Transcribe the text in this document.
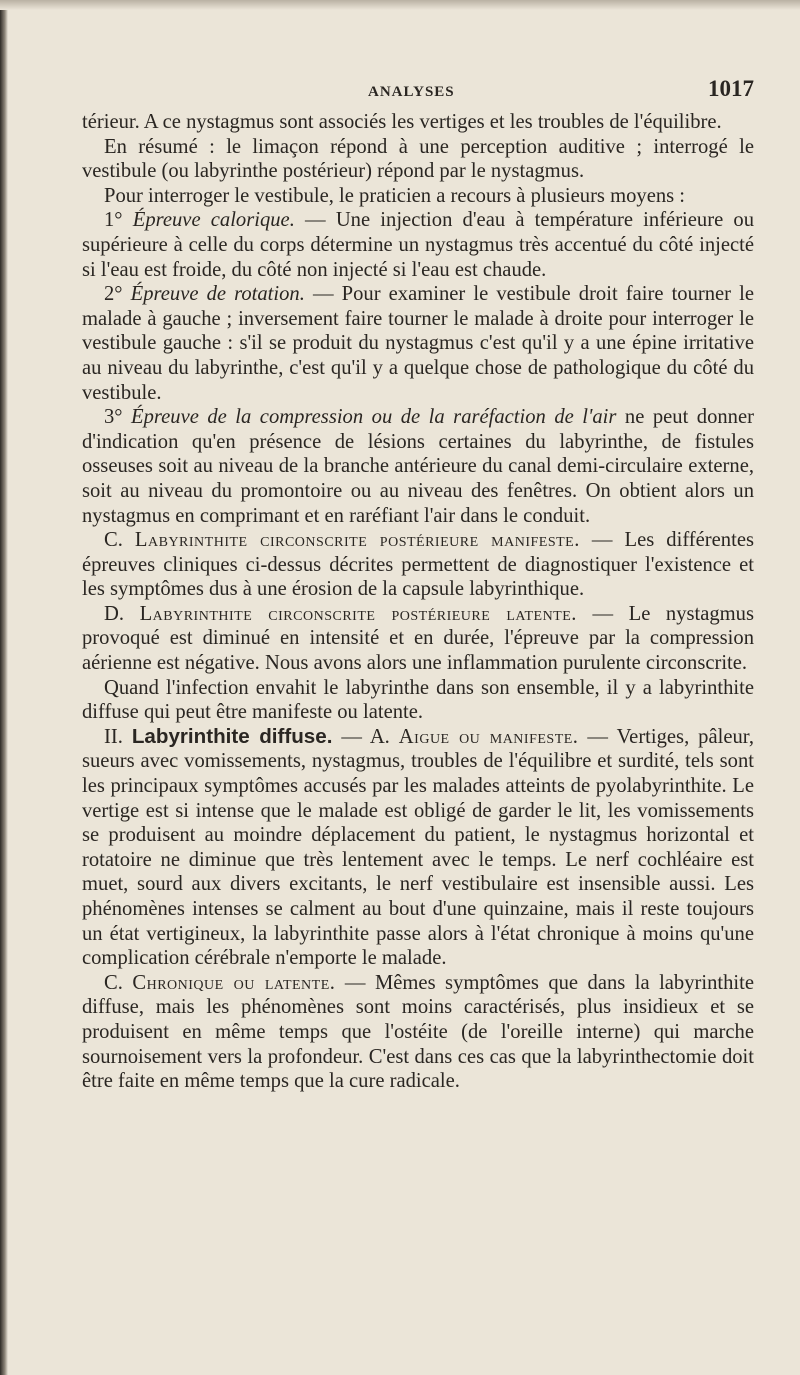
ANALYSES	1017

térieur. A ce nystagmus sont associés les vertiges et les troubles de l'équilibre.

En résumé : le limaçon répond à une perception auditive ; interrogé le vestibule (ou labyrinthe postérieur) répond par le nystagmus.

Pour interroger le vestibule, le praticien a recours à plusieurs moyens :

1° Épreuve calorique. — Une injection d'eau à température inférieure ou supérieure à celle du corps détermine un nystagmus très accentué du côté injecté si l'eau est froide, du côté non injecté si l'eau est chaude.

2° Épreuve de rotation. — Pour examiner le vestibule droit faire tourner le malade à gauche ; inversement faire tourner le malade à droite pour interroger le vestibule gauche : s'il se produit du nystagmus c'est qu'il y a une épine irritative au niveau du labyrinthe, c'est qu'il y a quelque chose de pathologique du côté du vestibule.

3° Épreuve de la compression ou de la raréfaction de l'air ne peut donner d'indication qu'en présence de lésions certaines du labyrinthe, de fistules osseuses soit au niveau de la branche antérieure du canal demi-circulaire externe, soit au niveau du promontoire ou au niveau des fenêtres. On obtient alors un nystagmus en comprimant et en raréfiant l'air dans le conduit.

C. Labyrinthite circonscrite postérieure manifeste. — Les différentes épreuves cliniques ci-dessus décrites permettent de diagnostiquer l'existence et les symptômes dus à une érosion de la capsule labyrinthique.

D. Labyrinthite circonscrite postérieure latente. — Le nystagmus provoqué est diminué en intensité et en durée, l'épreuve par la compression aérienne est négative. Nous avons alors une inflammation purulente circonscrite.

Quand l'infection envahit le labyrinthe dans son ensemble, il y a labyrinthite diffuse qui peut être manifeste ou latente.

II. Labyrinthite diffuse. — A. Aigue ou manifeste. — Vertiges, pâleur, sueurs avec vomissements, nystagmus, troubles de l'équilibre et surdité, tels sont les principaux symptômes accusés par les malades atteints de pyolabyrinthite. Le vertige est si intense que le malade est obligé de garder le lit, les vomissements se produisent au moindre déplacement du patient, le nystagmus horizontal et rotatoire ne diminue que très lentement avec le temps. Le nerf cochléaire est muet, sourd aux divers excitants, le nerf vestibulaire est insensible aussi. Les phénomènes intenses se calment au bout d'une quinzaine, mais il reste toujours un état vertigineux, la labyrinthite passe alors à l'état chronique à moins qu'une complication cérébrale n'emporte le malade.

C. Chronique ou latente. — Mêmes symptômes que dans la labyrinthite diffuse, mais les phénomènes sont moins caractérisés, plus insidieux et se produisent en même temps que l'ostéite (de l'oreille interne) qui marche sournoisement vers la profondeur. C'est dans ces cas que la labyrinthectomie doit être faite en même temps que la cure radicale.
